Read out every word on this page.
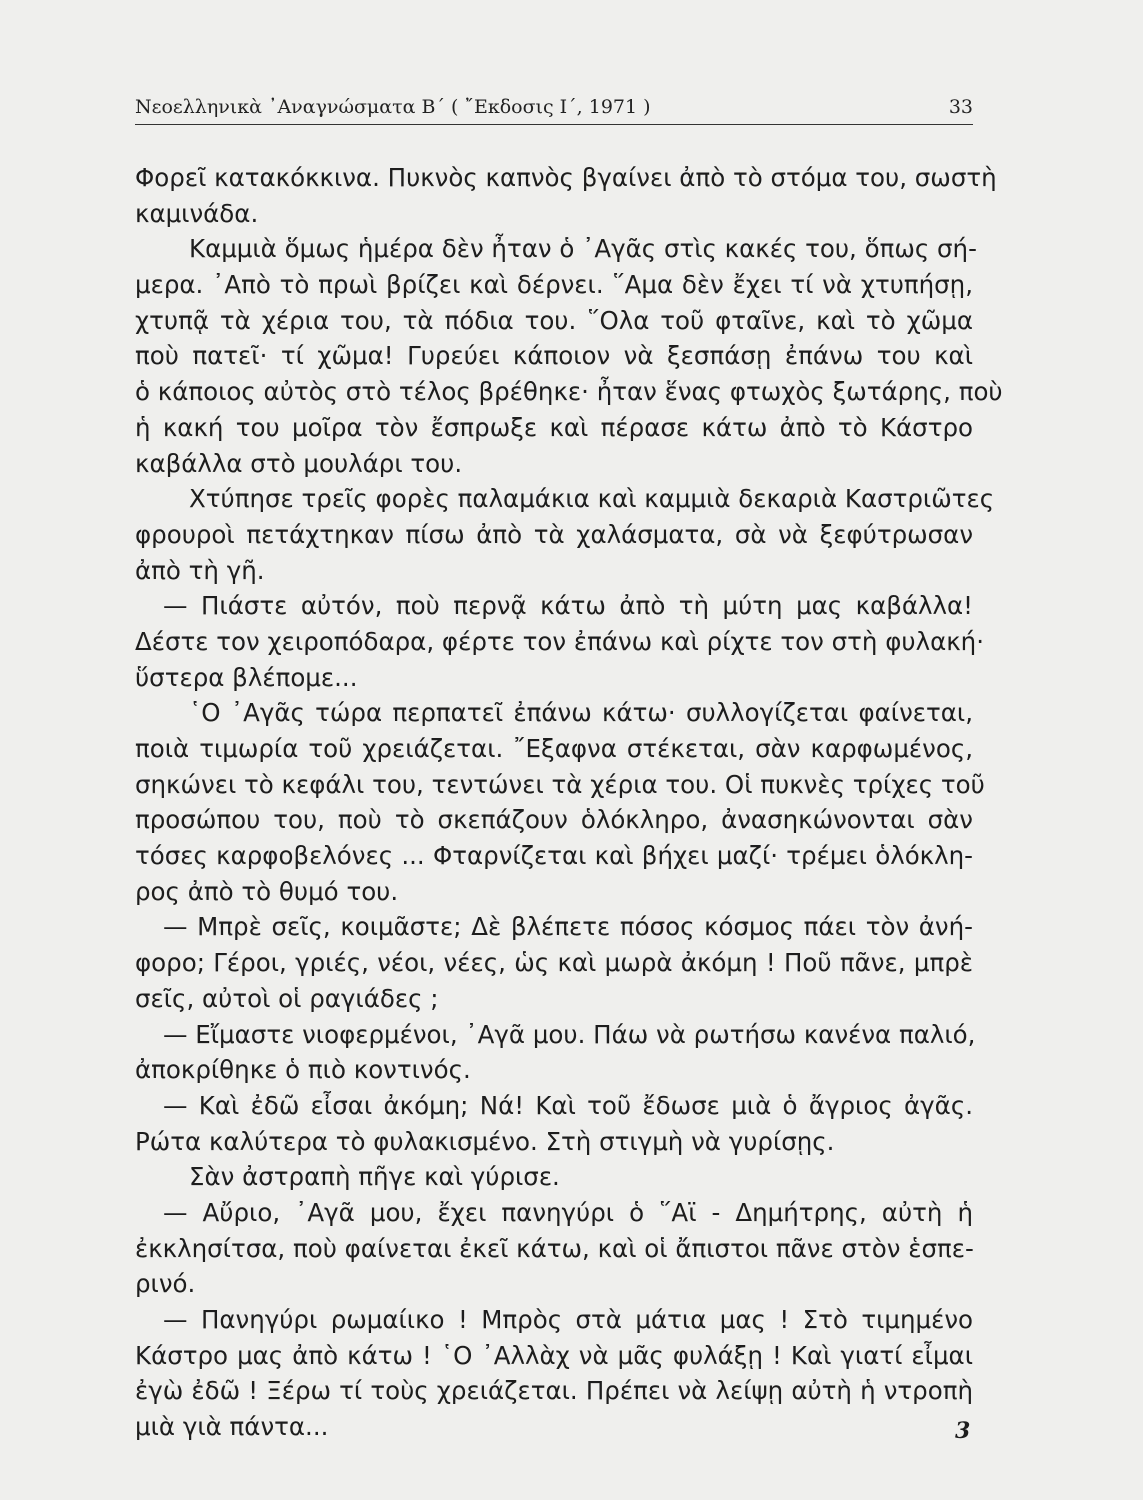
Νεοελληνικὰ ᾿Αναγνώσματα Β΄ ( ῎Εκδοσις Ι΄, 1971 )	33
Φορεῖ κατακόκκινα. Πυκνὸς καπνὸς βγαίνει ἀπὸ τὸ στόμα του, σωστὴ
καμινάδα.
Καμμιὰ ὅμως ἡμέρα δὲν ἦταν ὁ ᾿Αγᾶς στὶς κακές του, ὅπως σή-
μερα. ᾿Απὸ τὸ πρωὶ βρίζει καὶ δέρνει. ῞Αμα δὲν ἔχει τί νὰ χτυπήσῃ,
χτυπᾷ τὰ χέρια του, τὰ πόδια του. ῞Ολα τοῦ φταῖνε, καὶ τὸ χῶμα
ποὺ πατεῖ· τί χῶμα! Γυρεύει κάποιον νὰ ξεσπάσῃ ἐπάνω του καὶ
ὁ κάποιος αὐτὸς στὸ τέλος βρέθηκε· ἦταν ἕνας φτωχὸς ξωτάρης, ποὺ
ἡ κακή του μοῖρα τὸν ἔσπρωξε καὶ πέρασε κάτω ἀπὸ τὸ Κάστρο
καβάλλα στὸ μουλάρι του.
Χτύπησε τρεῖς φορὲς παλαμάκια καὶ καμμιὰ δεκαριὰ Καστριῶτες
φρουροὶ πετάχτηκαν πίσω ἀπὸ τὰ χαλάσματα, σὰ νὰ ξεφύτρωσαν
ἀπὸ τὴ γῆ.
— Πιάστε αὐτόν, ποὺ περνᾷ κάτω ἀπὸ τὴ μύτη μας καβάλλα!
Δέστε τον χειροπόδαρα, φέρτε τον ἐπάνω καὶ ρίχτε τον στὴ φυλακή·
ὕστερα βλέπομε...
῾Ο ᾿Αγᾶς τώρα περπατεῖ ἐπάνω κάτω· συλλογίζεται φαίνεται,
ποιὰ τιμωρία τοῦ χρειάζεται. ῎Εξαφνα στέκεται, σὰν καρφωμένος,
σηκώνει τὸ κεφάλι του, τεντώνει τὰ χέρια του. Οἱ πυκνὲς τρίχες τοῦ
προσώπου του, ποὺ τὸ σκεπάζουν ὁλόκληρο, ἀνασηκώνονται σὰν
τόσες καρφοβελόνες ... Φταρνίζεται καὶ βήχει μαζί· τρέμει ὁλόκλη-
ρος ἀπὸ τὸ θυμό του.
— Μπρὲ σεῖς, κοιμᾶστε; Δὲ βλέπετε πόσος κόσμος πάει τὸν ἀνή-
φορο; Γέροι, γριές, νέοι, νέες, ὡς καὶ μωρὰ ἀκόμη ! Ποῦ πᾶνε, μπρὲ
σεῖς, αὐτοὶ οἱ ραγιάδες ;
— Εἴμαστε νιοφερμένοι, ᾿Αγᾶ μου. Πάω νὰ ρωτήσω κανένα παλιό,
ἀποκρίθηκε ὁ πιὸ κοντινός.
— Καὶ ἐδῶ εἶσαι ἀκόμη; Νά! Καὶ τοῦ ἔδωσε μιὰ ὁ ἄγριος ἀγᾶς.
Ρώτα καλύτερα τὸ φυλακισμένο. Στὴ στιγμὴ νὰ γυρίσῃς.
Σὰν ἀστραπὴ πῆγε καὶ γύρισε.
— Αὔριο, ᾿Αγᾶ μου, ἔχει πανηγύρι ὁ ῞Αϊ - Δημήτρης, αὐτὴ ἡ
ἐκκλησίτσα, ποὺ φαίνεται ἐκεῖ κάτω, καὶ οἱ ἄπιστοι πᾶνε στὸν ἑσπε-
ρινό.
— Πανηγύρι ρωμαίικο ! Μπρὸς στὰ μάτια μας ! Στὸ τιμημένο
Κάστρο μας ἀπὸ κάτω ! ῾Ο ᾿Αλλὰχ νὰ μᾶς φυλάξῃ ! Καὶ γιατί εἶμαι
ἐγὼ ἐδῶ ! Ξέρω τί τοὺς χρειάζεται. Πρέπει νὰ λείψῃ αὐτὴ ἡ ντροπὴ
μιὰ γιὰ πάντα...	3
